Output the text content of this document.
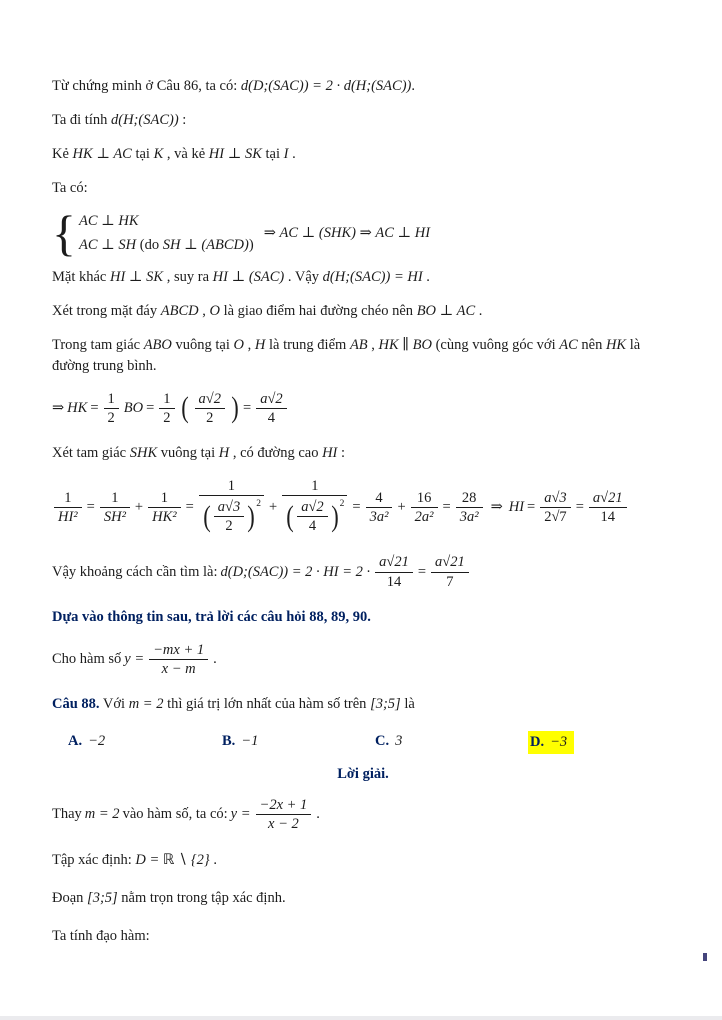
Từ chứng minh ở Câu 86, ta có: d(D;(SAC)) = 2 · d(H;(SAC)).

Ta đi tính d(H;(SAC)) :

Kẻ HK ⊥ AC tại K , và kẻ HI ⊥ SK tại I .

Ta có:

{ AC ⊥ HK
AC ⊥ SH (do SH ⊥ (ABCD))
⇒ AC ⊥ (SHK) ⇒ AC ⊥ HI

Mặt khác HI ⊥ SK , suy ra HI ⊥ (SAC) . Vậy d(H;(SAC)) = HI .

Xét trong mặt đáy ABCD , O là giao điểm hai đường chéo nên BO ⊥ AC .

Trong tam giác ABO vuông tại O , H là trung điểm AB , HK ∥ BO (cùng vuông góc với AC nên HK là đường trung bình.

⇒ HK = $\frac{1}{2}$ BO = $\frac{1}{2}$ ( $\frac{a√2}{2}$ ) = $\frac{a√2}{4}$

Xét tam giác SHK vuông tại H , có đường cao HI :

$\frac{1}{\text{HI²}} = \frac{1}{\text{SH²}} + \frac{1}{\text{HK²}} = \frac{1}{( \frac{a√3}{2} )^2} + \frac{1}{( \frac{a√2}{4} )^2} = \frac{4}{\text{3a²}} + \frac{16}{\text{2a²}} = \frac{28}{\text{3a²}}$ ⇒ HI = $\frac{a√3}{2√7} = \frac{a√21}{14}$
Vậy khoảng cách cần tìm là: d(D;(SAC)) = 2 · HI = $2 \cdot \frac{a√21}{14} = \frac{a√21}{7}$

Dựa vào thông tin sau, trả lời các câu hỏi 88, 89, 90.

Cho hàm số $y = \frac{-mx + 1}{x - m}$ .

Câu 88. Với m = 2 thì giá trị lớn nhất của hàm số trên [3;5] là

A. −2	B. −1	C. 3	D. −3

Lời giải.

Thay m = 2 vào hàm số, ta có: $y = \frac{-2x + 1}{x - 2}$ .

Tập xác định: D = ℝ ∖ {2} .

Đoạn [3;5] nằm trọn trong tập xác định.

Ta tính đạo hàm:
